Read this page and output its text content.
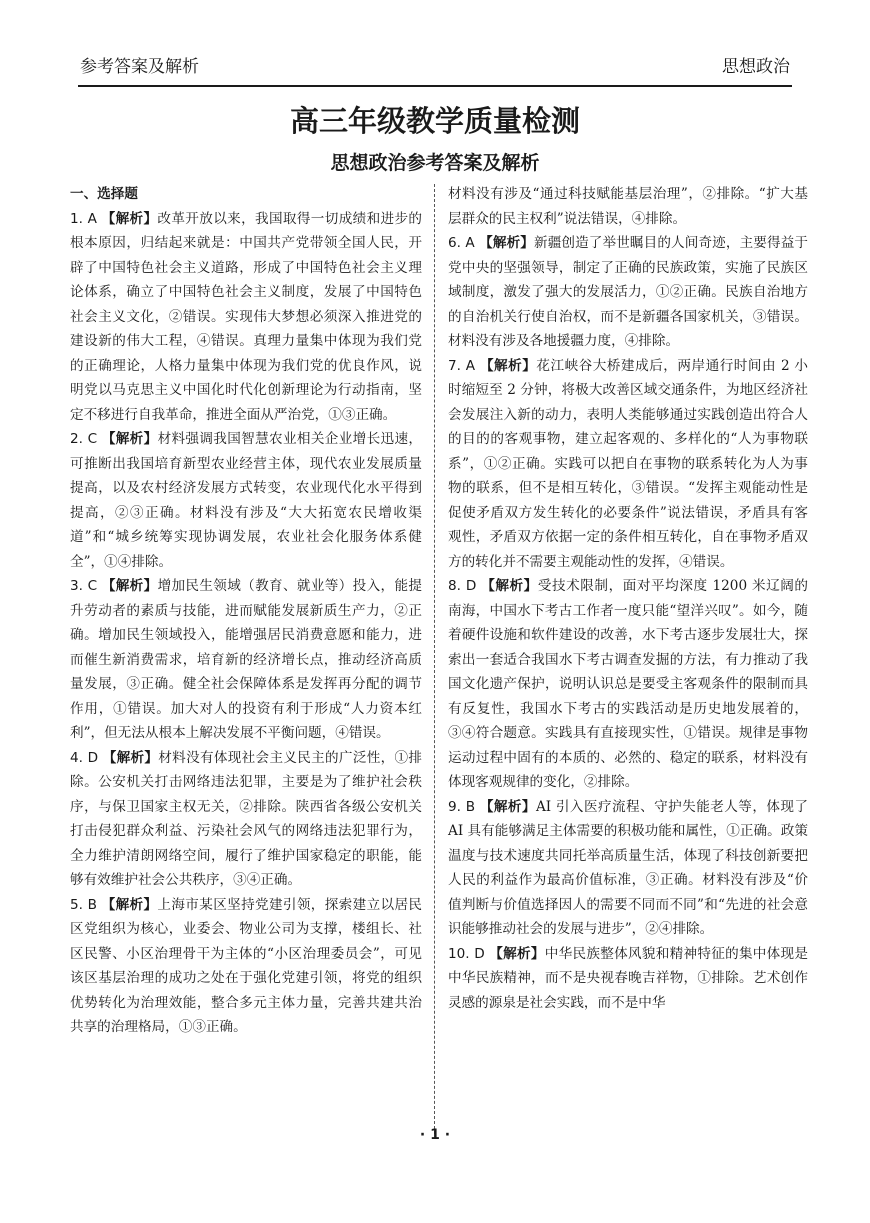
参考答案及解析	思想政治
高三年级教学质量检测
思想政治参考答案及解析
一、选择题

1. A 【解析】改革开放以来，我国取得一切成绩和进步的根本原因，归结起来就是：中国共产党带领全国人民，开辟了中国特色社会主义道路，形成了中国特色社会主义理论体系，确立了中国特色社会主义制度，发展了中国特色社会主义文化，②错误。实现伟大梦想必须深入推进党的建设新的伟大工程，④错误。真理力量集中体现为我们党的正确理论，人格力量集中体现为我们党的优良作风，说明党以马克思主义中国化时代化创新理论为行动指南，坚定不移进行自我革命，推进全面从严治党，①③正确。

2. C 【解析】材料强调我国智慧农业相关企业增长迅速，可推断出我国培育新型农业经营主体，现代农业发展质量提高，以及农村经济发展方式转变，农业现代化水平得到提高，②③正确。材料没有涉及“大大拓宽农民增收渠道”和“城乡统筹实现协调发展，农业社会化服务体系健全”，①④排除。

3. C 【解析】增加民生领域（教育、就业等）投入，能提升劳动者的素质与技能，进而赋能发展新质生产力，②正确。增加民生领域投入，能增强居民消费意愿和能力，进而催生新消费需求，培育新的经济增长点，推动经济高质量发展，③正确。健全社会保障体系是发挥再分配的调节作用，①错误。加大对人的投资有利于形成“人力资本红利”，但无法从根本上解决发展不平衡问题，④错误。

4. D 【解析】材料没有体现社会主义民主的广泛性，①排除。公安机关打击网络违法犯罪，主要是为了维护社会秩序，与保卫国家主权无关，②排除。陕西省各级公安机关打击侵犯群众利益、污染社会风气的网络违法犯罪行为，全力维护清朗网络空间，履行了维护国家稳定的职能，能够有效维护社会公共秩序，③④正确。

5. B 【解析】上海市某区坚持党建引领，探索建立以居民区党组织为核心，业委会、物业公司为支撑，楼组长、社区民警、小区治理骨干为主体的“小区治理委员会”，可见该区基层治理的成功之处在于强化党建引领，将党的组织优势转化为治理效能，整合多元主体力量，完善共建共治共享的治理格局，①③正确。

材料没有涉及“通过科技赋能基层治理”，②排除。“扩大基层群众的民主权利”说法错误，④排除。

6. A 【解析】新疆创造了举世瞩目的人间奇迹，主要得益于党中央的坚强领导，制定了正确的民族政策，实施了民族区域制度，激发了强大的发展活力，①②正确。民族自治地方的自治机关行使自治权，而不是新疆各国家机关，③错误。材料没有涉及各地援疆力度，④排除。

7. A 【解析】花江峡谷大桥建成后，两岸通行时间由 2 小时缩短至 2 分钟，将极大改善区域交通条件，为地区经济社会发展注入新的动力，表明人类能够通过实践创造出符合人的目的的客观事物，建立起客观的、多样化的“人为事物联系”，①②正确。实践可以把自在事物的联系转化为人为事物的联系，但不是相互转化，③错误。“发挥主观能动性是促使矛盾双方发生转化的必要条件”说法错误，矛盾具有客观性，矛盾双方依据一定的条件相互转化，自在事物矛盾双方的转化并不需要主观能动性的发挥，④错误。

8. D 【解析】受技术限制，面对平均深度 1200 米辽阔的南海，中国水下考古工作者一度只能“望洋兴叹”。如今，随着硬件设施和软件建设的改善，水下考古逐步发展壮大，探索出一套适合我国水下考古调查发掘的方法，有力推动了我国文化遗产保护，说明认识总是要受主客观条件的限制而具有反复性，我国水下考古的实践活动是历史地发展着的，③④符合题意。实践具有直接现实性，①错误。规律是事物运动过程中固有的本质的、必然的、稳定的联系，材料没有体现客观规律的变化，②排除。

9. B 【解析】AI 引入医疗流程、守护失能老人等，体现了 AI 具有能够满足主体需要的积极功能和属性，①正确。政策温度与技术速度共同托举高质量生活，体现了科技创新要把人民的利益作为最高价值标准，③正确。材料没有涉及“价值判断与价值选择因人的需要不同而不同”和“先进的社会意识能够推动社会的发展与进步”，②④排除。

10. D 【解析】中华民族整体风貌和精神特征的集中体现是中华民族精神，而不是央视春晚吉祥物，①排除。艺术创作灵感的源泉是社会实践，而不是中华

· 1 ·
